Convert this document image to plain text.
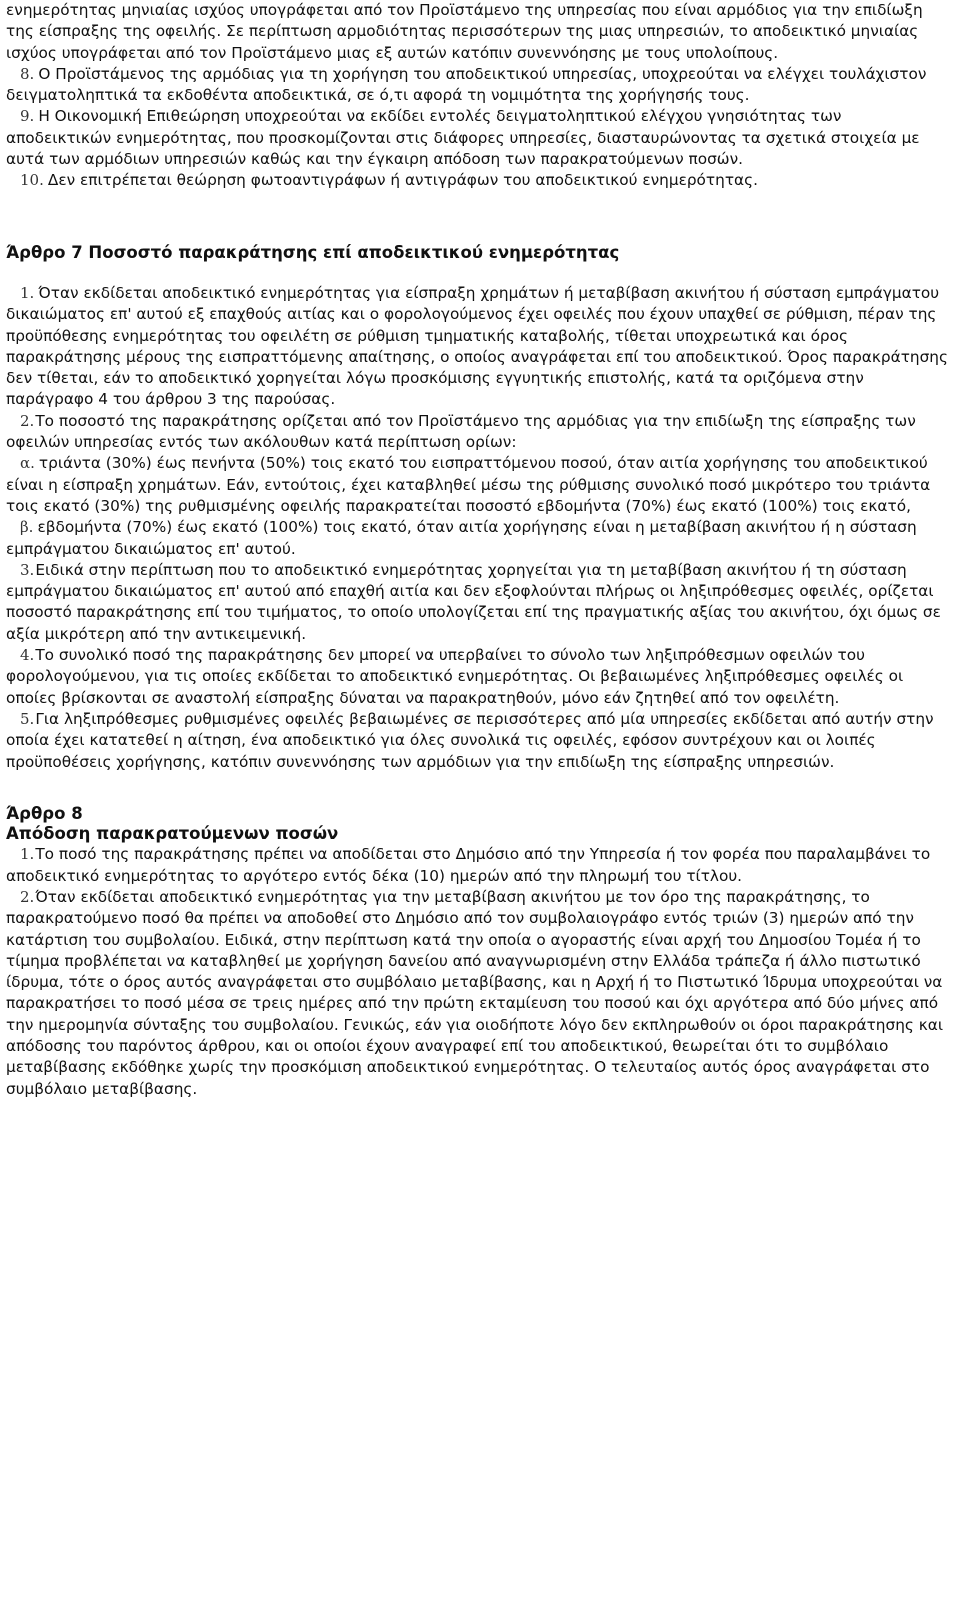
ενημερότητας μηνιαίας ισχύος υπογράφεται από τον Προϊστάμενο της υπηρεσίας που είναι αρμόδιος για την επιδίωξη της είσπραξης της οφειλής. Σε περίπτωση αρμοδιότητας περισσότερων της μιας υπηρεσιών, το αποδεικτικό μηνιαίας ισχύος υπογράφεται από τον Προϊστάμενο μιας εξ αυτών κατόπιν συνεννόησης με τους υπολοίπους.

8. Ο Προϊστάμενος της αρμόδιας για τη χορήγηση του αποδεικτικού υπηρεσίας, υποχρεούται να ελέγχει τουλάχιστον δειγματοληπτικά τα εκδοθέντα αποδεικτικά, σε ό,τι αφορά τη νομιμότητα της χορήγησής τους.

9. Η Οικονομική Επιθεώρηση υποχρεούται να εκδίδει εντολές δειγματοληπτικού ελέγχου γνησιότητας των αποδεικτικών ενημερότητας, που προσκομίζονται στις διάφορες υπηρεσίες, διασταυρώνοντας τα σχετικά στοιχεία με αυτά των αρμόδιων υπηρεσιών καθώς και την έγκαιρη απόδοση των παρακρατούμενων ποσών.

10. Δεν επιτρέπεται θεώρηση φωτοαντιγράφων ή αντιγράφων του αποδεικτικού ενημερότητας.

Άρθρο 7 Ποσοστό παρακράτησης επί αποδεικτικού ενημερότητας

1. Όταν εκδίδεται αποδεικτικό ενημερότητας για είσπραξη χρημάτων ή μεταβίβαση ακινήτου ή σύσταση εμπράγματου δικαιώματος επ' αυτού εξ επαχθούς αιτίας και ο φορολογούμενος έχει οφειλές που έχουν υπαχθεί σε ρύθμιση, πέραν της προϋπόθεσης ενημερότητας του οφειλέτη σε ρύθμιση τμηματικής καταβολής, τίθεται υποχρεωτικά και όρος παρακράτησης μέρους της εισπραττόμενης απαίτησης, ο οποίος αναγράφεται επί του αποδεικτικού. Όρος παρακράτησης δεν τίθεται, εάν το αποδεικτικό χορηγείται λόγω προσκόμισης εγγυητικής επιστολής, κατά τα οριζόμενα στην παράγραφο 4 του άρθρου 3 της παρούσας.

2.Το ποσοστό της παρακράτησης ορίζεται από τον Προϊστάμενο της αρμόδιας για την επιδίωξη της είσπραξης των οφειλών υπηρεσίας εντός των ακόλουθων κατά περίπτωση ορίων:

α. τριάντα (30%) έως πενήντα (50%) τοις εκατό του εισπραττόμενου ποσού, όταν αιτία χορήγησης του αποδεικτικού είναι η είσπραξη χρημάτων. Εάν, εντούτοις, έχει καταβληθεί μέσω της ρύθμισης συνολικό ποσό μικρότερο του τριάντα τοις εκατό (30%) της ρυθμισμένης οφειλής παρακρατείται ποσοστό εβδομήντα (70%) έως εκατό (100%) τοις εκατό,

β. εβδομήντα (70%) έως εκατό (100%) τοις εκατό, όταν αιτία χορήγησης είναι η μεταβίβαση ακινήτου ή η σύσταση εμπράγματου δικαιώματος επ' αυτού.

3.Ειδικά στην περίπτωση που το αποδεικτικό ενημερότητας χορηγείται για τη μεταβίβαση ακινήτου ή τη σύσταση εμπράγματου δικαιώματος επ' αυτού από επαχθή αιτία και δεν εξοφλούνται πλήρως οι ληξιπρόθεσμες οφειλές, ορίζεται ποσοστό παρακράτησης επί του τιμήματος, το οποίο υπολογίζεται επί της πραγματικής αξίας του ακινήτου, όχι όμως σε αξία μικρότερη από την αντικειμενική.

4.Το συνολικό ποσό της παρακράτησης δεν μπορεί να υπερβαίνει το σύνολο των ληξιπρόθεσμων οφειλών του φορολογούμενου, για τις οποίες εκδίδεται το αποδεικτικό ενημερότητας. Οι βεβαιωμένες ληξιπρόθεσμες οφειλές οι οποίες βρίσκονται σε αναστολή είσπραξης δύναται να παρακρατηθούν, μόνο εάν ζητηθεί από τον οφειλέτη.

5.Για ληξιπρόθεσμες ρυθμισμένες οφειλές βεβαιωμένες σε περισσότερες από μία υπηρεσίες εκδίδεται από αυτήν στην οποία έχει κατατεθεί η αίτηση, ένα αποδεικτικό για όλες συνολικά τις οφειλές, εφόσον συντρέχουν και οι λοιπές προϋποθέσεις χορήγησης, κατόπιν συνεννόησης των αρμόδιων για την επιδίωξη της είσπραξης υπηρεσιών.

Άρθρο 8

Απόδοση παρακρατούμενων ποσών

1.Το ποσό της παρακράτησης πρέπει να αποδίδεται στο Δημόσιο από την Υπηρεσία ή τον φορέα που παραλαμβάνει το αποδεικτικό ενημερότητας το αργότερο εντός δέκα (10) ημερών από την πληρωμή του τίτλου.

2.Όταν εκδίδεται αποδεικτικό ενημερότητας για την μεταβίβαση ακινήτου με τον όρο της παρακράτησης, το παρακρατούμενο ποσό θα πρέπει να αποδοθεί στο Δημόσιο από τον συμβολαιογράφο εντός τριών (3) ημερών από την κατάρτιση του συμβολαίου. Ειδικά, στην περίπτωση κατά την οποία ο αγοραστής είναι αρχή του Δημοσίου Τομέα ή το τίμημα προβλέπεται να καταβληθεί με χορήγηση δανείου από αναγνωρισμένη στην Ελλάδα τράπεζα ή άλλο πιστωτικό ίδρυμα, τότε ο όρος αυτός αναγράφεται στο συμβόλαιο μεταβίβασης, και η Αρχή ή το Πιστωτικό Ίδρυμα υποχρεούται να παρακρατήσει το ποσό μέσα σε τρεις ημέρες από την πρώτη εκταμίευση του ποσού και όχι αργότερα από δύο μήνες από την ημερομηνία σύνταξης του συμβολαίου. Γενικώς, εάν για οιοδήποτε λόγο δεν εκπληρωθούν οι όροι παρακράτησης και απόδοσης του παρόντος άρθρου, και οι οποίοι έχουν αναγραφεί επί του αποδεικτικού, θεωρείται ότι το συμβόλαιο μεταβίβασης εκδόθηκε χωρίς την προσκόμιση αποδεικτικού ενημερότητας. Ο τελευταίος αυτός όρος αναγράφεται στο συμβόλαιο μεταβίβασης.
